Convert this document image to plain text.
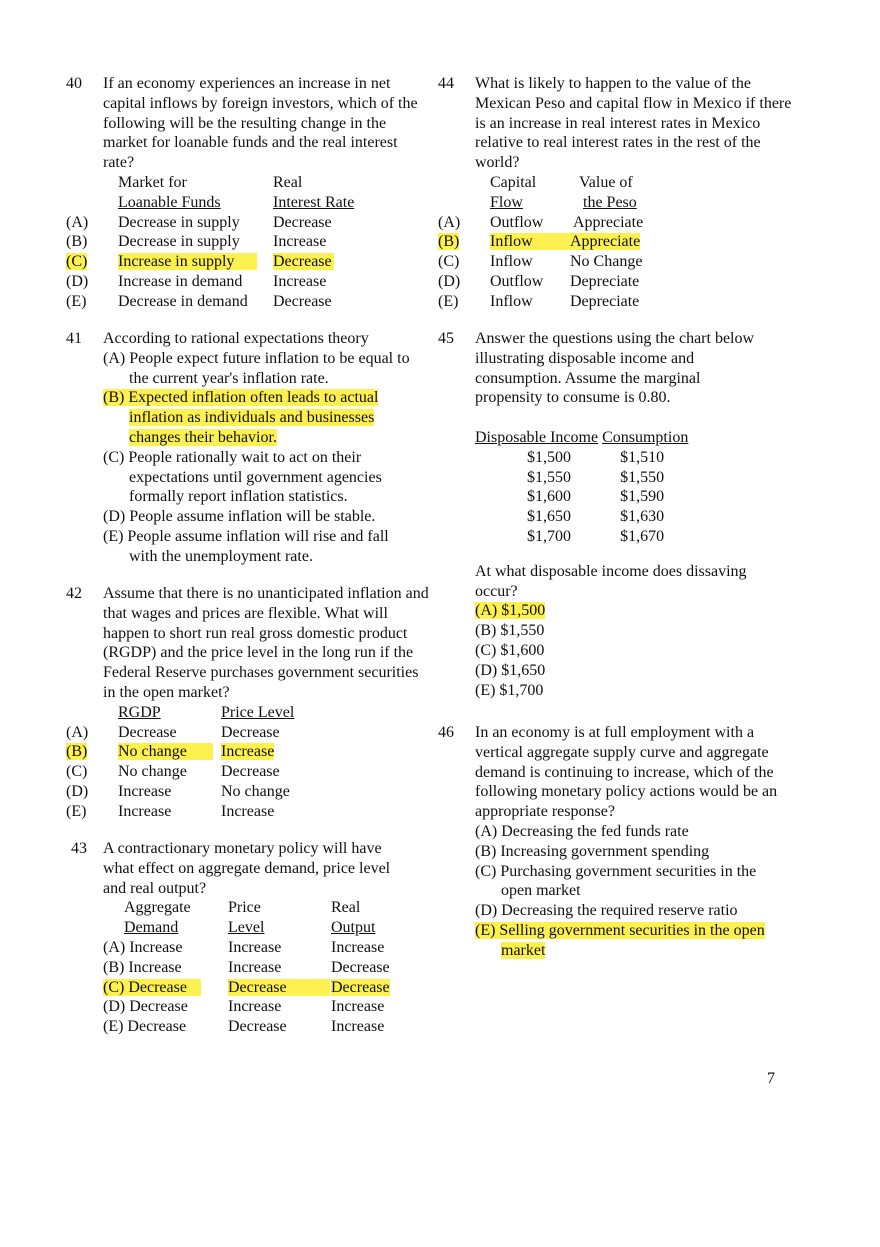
40 If an economy experiences an increase in net capital inflows by foreign investors, which of the following will be the resulting change in the market for loanable funds and the real interest rate?
	Market for	Real
	Loanable Funds	Interest Rate
(A)	Decrease in supply	Decrease
(B)	Decrease in supply	Increase
(C)	Increase in supply	Decrease
(D)	Increase in demand	Increase
(E)	Decrease in demand	Decrease
41 According to rational expectations theory
(A) People expect future inflation to be equal to the current year's inflation rate.
(B) Expected inflation often leads to actual inflation as individuals and businesses changes their behavior.
(C) People rationally wait to act on their expectations until government agencies formally report inflation statistics.
(D) People assume inflation will be stable.
(E) People assume inflation will rise and fall with the unemployment rate.
42 Assume that there is no unanticipated inflation and that wages and prices are flexible. What will happen to short run real gross domestic product (RGDP) and the price level in the long run if the Federal Reserve purchases government securities in the open market?
	RGDP	Price Level
(A)	Decrease	Decrease
(B)	No change	Increase
(C)	No change	Decrease
(D)	Increase	No change
(E)	Increase	Increase
43 A contractionary monetary policy will have what effect on aggregate demand, price level and real output?
Aggregate	Price	Real
Demand	Level	Output
(A) Increase	Increase	Increase
(B) Increase	Increase	Decrease
(C) Decrease	Decrease	Decrease
(D) Decrease	Increase	Increase
(E) Decrease	Decrease	Increase
44 What is likely to happen to the value of the Mexican Peso and capital flow in Mexico if there is an increase in real interest rates in Mexico relative to real interest rates in the rest of the world?
	Capital	Value of
	Flow	the Peso
(A)	Outflow	Appreciate
(B)	Inflow	Appreciate
(C)	Inflow	No Change
(D)	Outflow	Depreciate
(E)	Inflow	Depreciate
45 Answer the questions using the chart below illustrating disposable income and consumption. Assume the marginal propensity to consume is 0.80.
Disposable Income	Consumption
$1,500	$1,510
$1,550	$1,550
$1,600	$1,590
$1,650	$1,630
$1,700	$1,670
At what disposable income does dissaving occur?
(A) $1,500
(B) $1,550
(C) $1,600
(D) $1,650
(E) $1,700
46 In an economy is at full employment with a vertical aggregate supply curve and aggregate demand is continuing to increase, which of the following monetary policy actions would be an appropriate response?
(A) Decreasing the fed funds rate
(B) Increasing government spending
(C) Purchasing government securities in the open market
(D) Decreasing the required reserve ratio
(E) Selling government securities in the open market
7
